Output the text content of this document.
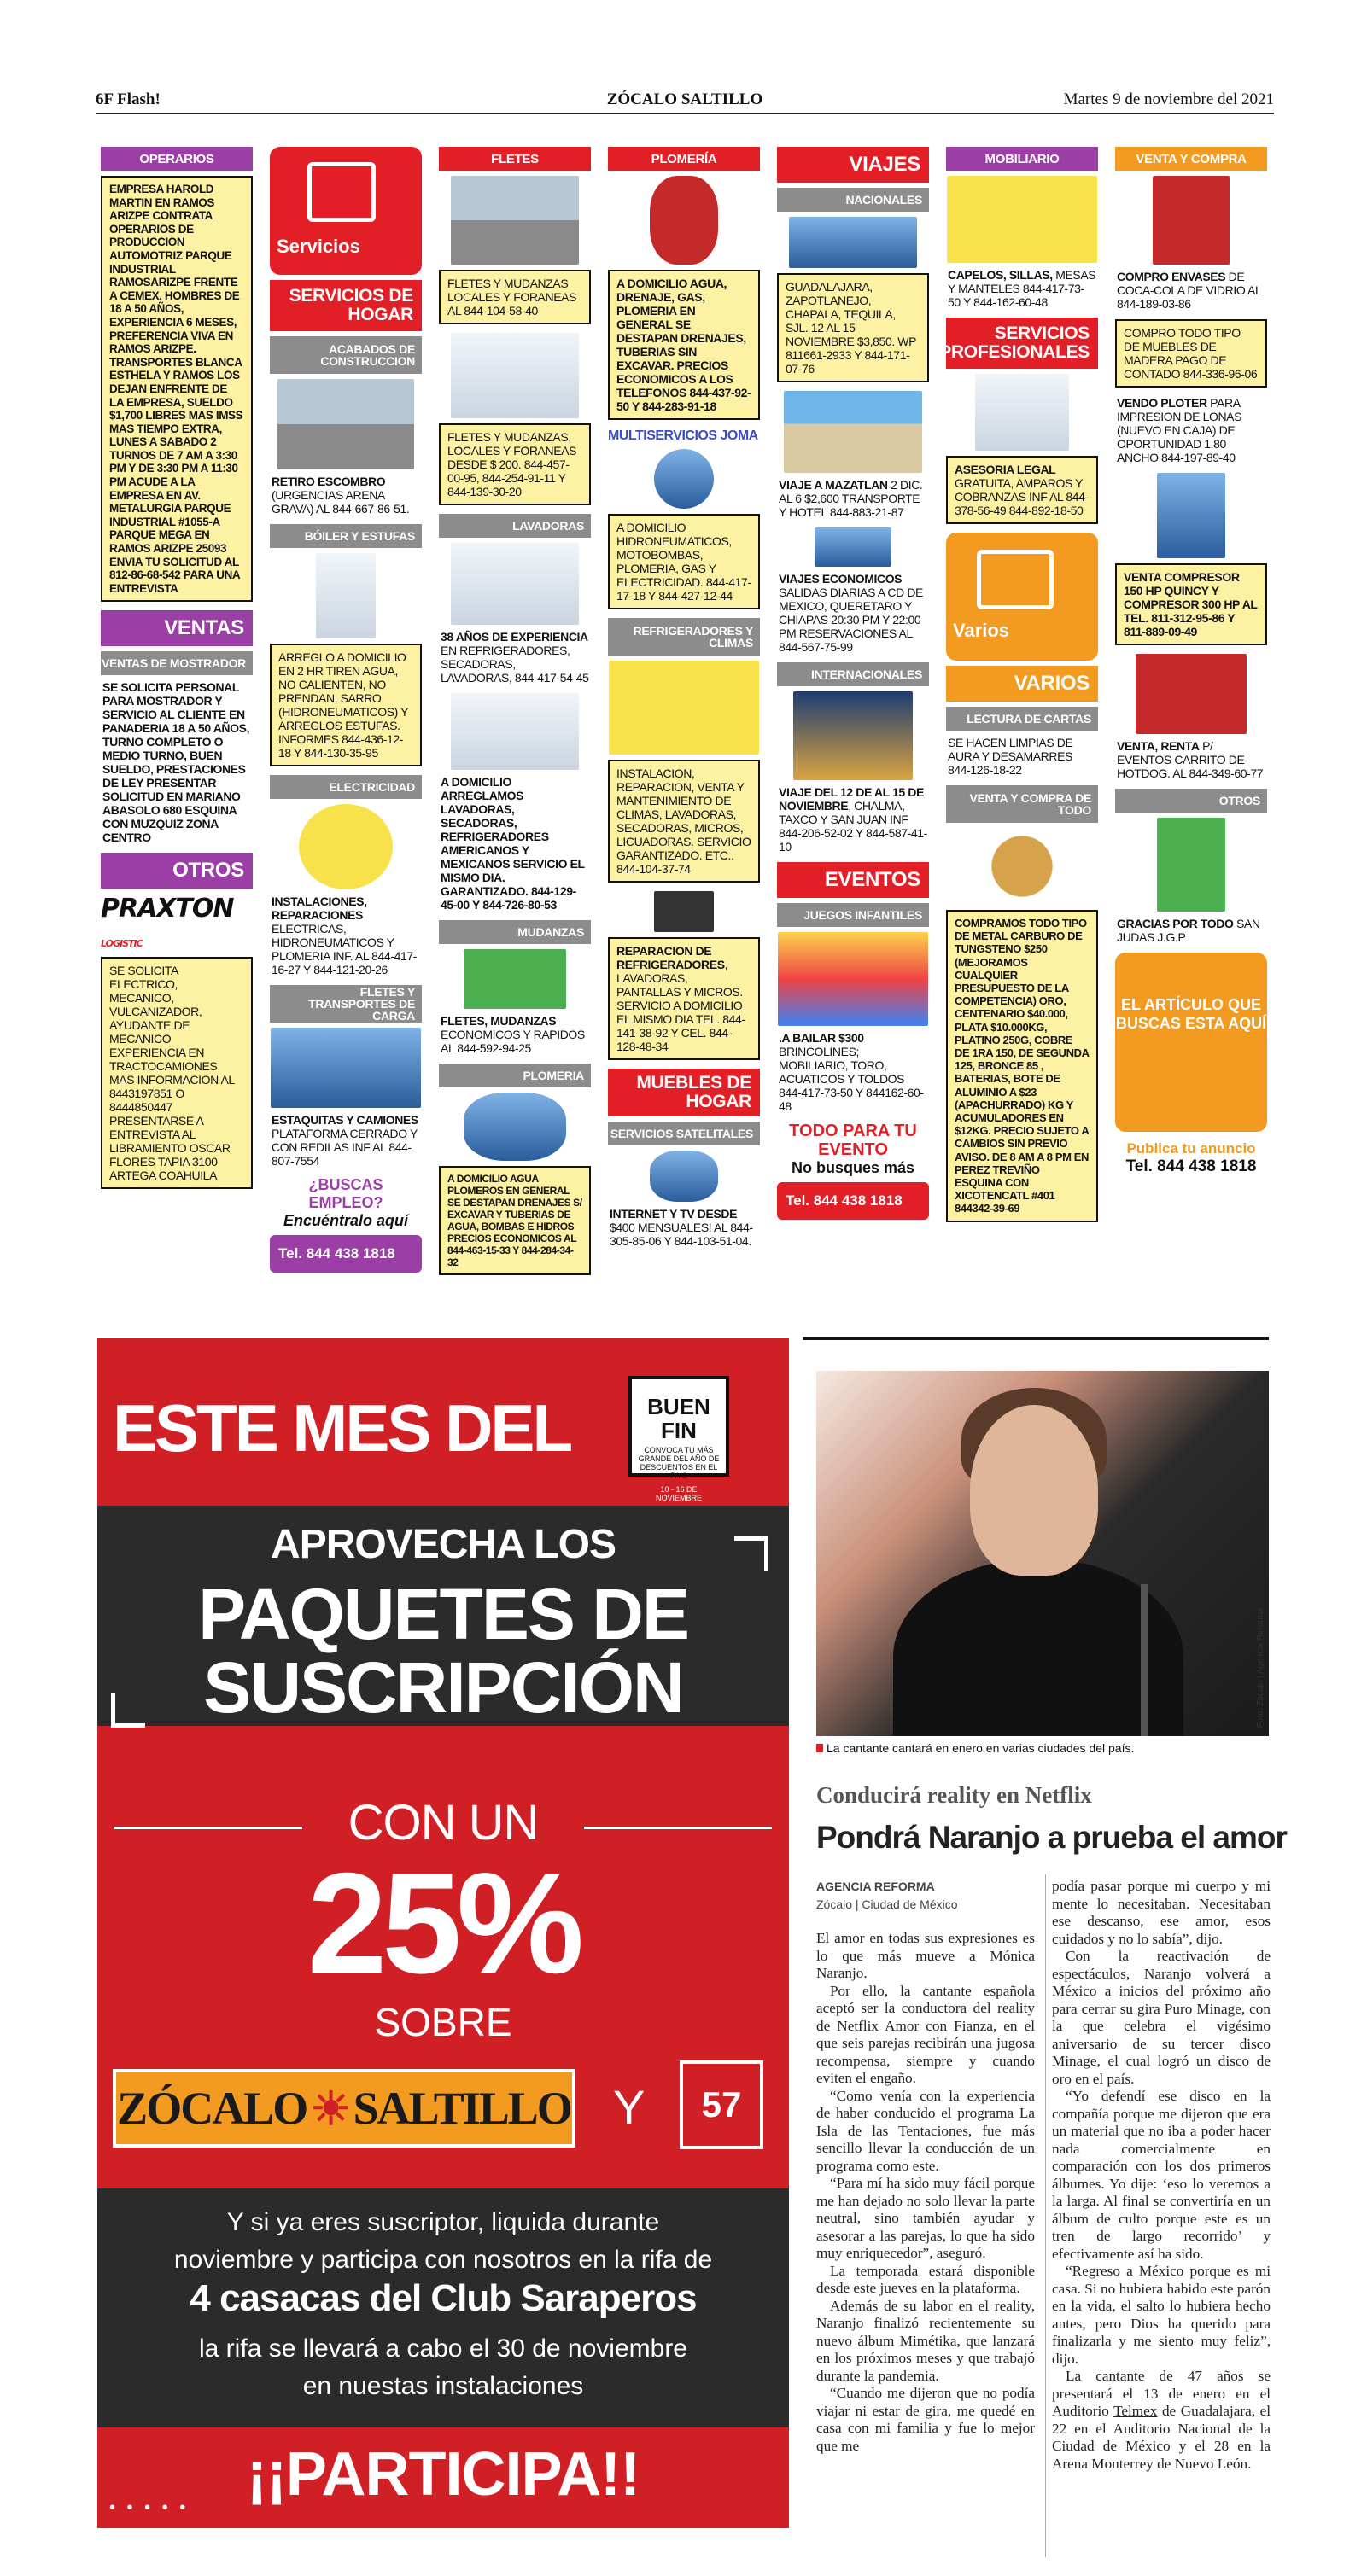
6F Flash!	ZÓCALO SALTILLO	Martes 9 de noviembre del 2021
OPERARIOS
EMPRESA HAROLD MARTIN EN RAMOS ARIZPE CONTRATA OPERARIOS DE PRODUCCION AUTOMOTRIZ PARQUE INDUSTRIAL RAMOSARIZPE FRENTE A CEMEX. HOMBRES DE 18 A 50 AÑOS, EXPERIENCIA 6 MESES, PREFERENCIA VIVA EN RAMOS ARIZPE. TRANSPORTES BLANCA ESTHELA Y RAMOS LOS DEJAN ENFRENTE DE LA EMPRESA, SUELDO $1,700 LIBRES MAS IMSS MAS TIEMPO EXTRA, LUNES A SABADO 2 TURNOS DE 7 AM A 3:30 PM Y DE 3:30 PM A 11:30 PM ACUDE A LA EMPRESA EN AV. METALURGIA PARQUE INDUSTRIAL #1055-A PARQUE MEGA EN RAMOS ARIZPE 25093 ENVIA TU SOLICITUD AL 812-86-68-542 PARA UNA ENTREVISTA
VENTAS
VENTAS DE MOSTRADOR
SE SOLICITA PERSONAL PARA MOSTRADOR Y SERVICIO AL CLIENTE EN PANADERIA 18 A 50 AÑOS, TURNO COMPLETO O MEDIO TURNO, BUEN SUELDO, PRESTACIONES DE LEY PRESENTAR SOLICITUD EN MARIANO ABASOLO 680 ESQUINA CON MUZQUIZ ZONA CENTRO
OTROS
PRAXTON LOGISTIC
SE SOLICITA ELECTRICO, MECANICO, VULCANIZADOR, AYUDANTE DE MECANICO EXPERIENCIA EN TRACTOCAMIONES MAS INFORMACION AL 8443197851 O 8444850447 PRESENTARSE A ENTREVISTA AL LIBRAMIENTO OSCAR FLORES TAPIA 3100 ARTEGA COAHUILA
Servicios
SERVICIOS DE HOGAR
ACABADOS DE CONSTRUCCION
RETIRO ESCOMBRO (URGENCIAS ARENA GRAVA) AL 844-667-86-51.
BÓILER Y ESTUFAS
ARREGLO A DOMICILIO EN 2 HR TIREN AGUA, NO CALIENTEN, NO PRENDAN, SARRO (HIDRONEUMATICOS) Y ARREGLOS ESTUFAS. INFORMES 844-436-12-18 Y 844-130-35-95
ELECTRICIDAD
INSTALACIONES, REPARACIONES ELECTRICAS, HIDRONEUMATICOS Y PLOMERIA INF. AL 844-417-16-27 Y 844-121-20-26
FLETES Y TRANSPORTES DE CARGA
ESTAQUITAS Y CAMIONES PLATAFORMA CERRADO Y CON REDILAS INF AL 844-807-7554
¿BUSCAS EMPLEO?
Encuéntralo aquí
Tel. 844 438 1818
FLETES
FLETES Y MUDANZAS LOCALES Y FORANEAS AL 844-104-58-40
FLETES Y MUDANZAS, LOCALES Y FORANEAS DESDE $ 200. 844-457-00-95, 844-254-91-11 Y 844-139-30-20
LAVADORAS
38 AÑOS DE EXPERIENCIA EN REFRIGERADORES, SECADORAS, LAVADORAS, 844-417-54-45
A DOMICILIO ARREGLAMOS LAVADORAS, SECADORAS, REFRIGERADORES AMERICANOS Y MEXICANOS SERVICIO EL MISMO DIA. GARANTIZADO. 844-129-45-00 Y 844-726-80-53
MUDANZAS
FLETES, MUDANZAS ECONOMICOS Y RAPIDOS AL 844-592-94-25
PLOMERIA
A DOMICILIO AGUA PLOMEROS EN GENERAL SE DESTAPAN DRENAJES S/ EXCAVAR Y TUBERIAS DE AGUA, BOMBAS E HIDROS PRECIOS ECONOMICOS AL 844-463-15-33 Y 844-284-34-32
PLOMERÍA
A DOMICILIO AGUA, DRENAJE, GAS, PLOMERIA EN GENERAL SE DESTAPAN DRENAJES, TUBERIAS SIN EXCAVAR. PRECIOS ECONOMICOS A LOS TELEFONOS 844-437-92-50 Y 844-283-91-18
MULTISERVICIOS JOMA
A DOMICILIO HIDRONEUMATICOS, MOTOBOMBAS, PLOMERIA, GAS Y ELECTRICIDAD. 844-417-17-18 Y 844-427-12-44
REFRIGERADORES Y CLIMAS
INSTALACION, REPARACION, VENTA Y MANTENIMIENTO DE CLIMAS, LAVADORAS, SECADORAS, MICROS, LICUADORAS. SERVICIO GARANTIZADO. ETC.. 844-104-37-74
REPARACION DE REFRIGERADORES, LAVADORAS, PANTALLAS Y MICROS. SERVICIO A DOMICILIO EL MISMO DIA TEL. 844-141-38-92 Y CEL. 844-128-48-34
MUEBLES DE HOGAR
SERVICIOS SATELITALES
INTERNET Y TV DESDE $400 MENSUALES! AL 844-305-85-06 Y 844-103-51-04.
VIAJES
NACIONALES
GUADALAJARA, ZAPOTLANEJO, CHAPALA, TEQUILA, SJL. 12 AL 15 NOVIEMBRE $3,850. WP 811661-2933 Y 844-171-07-76
VIAJE A MAZATLAN 2 DIC. AL 6 $2,600 TRANSPORTE Y HOTEL 844-883-21-87
VIAJES ECONOMICOS SALIDAS DIARIAS A CD DE MEXICO, QUERETARO Y CHIAPAS 20:30 PM Y 22:00 PM RESERVACIONES AL 844-567-75-99
INTERNACIONALES
VIAJE DEL 12 DE AL 15 DE NOVIEMBRE, CHALMA, TAXCO Y SAN JUAN INF 844-206-52-02 Y 844-587-41-10
EVENTOS
JUEGOS INFANTILES
.A BAILAR $300 BRINCOLINES; MOBILIARIO, TORO, ACUATICOS Y TOLDOS 844-417-73-50 Y 844162-60-48
TODO PARA TU EVENTO
No busques más
Tel. 844 438 1818
MOBILIARIO
CAPELOS, SILLAS, MESAS Y MANTELES 844-417-73-50 Y 844-162-60-48
SERVICIOS PROFESIONALES
ASESORIA LEGAL GRATUITA, AMPAROS Y COBRANZAS INF AL 844-378-56-49 844-892-18-50
Varios
VARIOS
LECTURA DE CARTAS
SE HACEN LIMPIAS DE AURA Y DESAMARRES 844-126-18-22
VENTA Y COMPRA DE TODO
COMPRAMOS TODO TIPO DE METAL CARBURO DE TUNGSTENO $250 (MEJORAMOS CUALQUIER PRESUPUESTO DE LA COMPETENCIA) ORO, CENTENARIO $40.000, PLATA $10.000KG, PLATINO 250G, COBRE DE 1RA 150, DE SEGUNDA 125, BRONCE 85 , BATERIAS, BOTE DE ALUMINIO A $23 (APACHURRADO) KG Y ACUMULADORES EN $12KG. PRECIO SUJETO A CAMBIOS SIN PREVIO AVISO. DE 8 AM A 8 PM EN PEREZ TREVIÑO ESQUINA CON XICOTENCATL #401 844342-39-69
VENTA Y COMPRA
COMPRO ENVASES DE COCA-COLA DE VIDRIO AL 844-189-03-86
COMPRO TODO TIPO DE MUEBLES DE MADERA PAGO DE CONTADO 844-336-96-06
VENDO PLOTER PARA IMPRESION DE LONAS (NUEVO EN CAJA) DE OPORTUNIDAD 1.80 ANCHO 844-197-89-40
VENTA COMPRESOR 150 HP QUINCY Y COMPRESOR 300 HP AL TEL. 811-312-95-86 Y 811-889-09-49
VENTA, RENTA P/ EVENTOS CARRITO DE HOTDOG. AL 844-349-60-77
OTROS
GRACIAS POR TODO SAN JUDAS J.G.P
EL ARTÍCULO QUE BUSCAS ESTA AQUÍ
Publica tu anuncio
Tel. 844 438 1818
ESTE MES DEL	BUEN FIN
CONVOCA TU MÁS GRANDE DEL AÑO DE DESCUENTOS EN EL PAÍS
10 - 16 DE NOVIEMBRE
APROVECHA LOS
PAQUETES DE
SUSCRIPCIÓN
CON UN
25%
SOBRE
ZÓCALO ☀ SALTILLO Y	57
Y si ya eres suscriptor, liquida durante
noviembre y participa con nosotros en la rifa de
4 casacas del Club Saraperos
la rifa se llevará a cabo el 30 de noviembre
en nuestas instalaciones
¡¡PARTICIPA!!
• • • • •
Foto: Zócalo | Agencia Reforma
La cantante cantará en enero en varias ciudades del país.
Conducirá reality en Netflix
Pondrá Naranjo a prueba el amor
AGENCIA REFORMA
Zócalo | Ciudad de México

El amor en todas sus expresiones es lo que más mueve a Mónica Naranjo.

Por ello, la cantante española aceptó ser la conductora del reality de Netflix Amor con Fianza, en el que seis parejas recibirán una jugosa recompensa, siempre y cuando eviten el engaño.

“Como venía con la experiencia de haber conducido el programa La Isla de las Tentaciones, fue más sencillo llevar la conducción de un programa como este.

“Para mí ha sido muy fácil porque me han dejado no solo llevar la parte neutral, sino también ayudar y asesorar a las parejas, lo que ha sido muy enriquecedor”, aseguró.

La temporada estará disponible desde este jueves en la plataforma.

Además de su labor en el reality, Naranjo finalizó recientemente su nuevo álbum Mimétika, que lanzará en los próximos meses y que trabajó durante la pandemia.

“Cuando me dijeron que no podía viajar ni estar de gira, me quedé en casa con mi familia y fue lo mejor que me

podía pasar porque mi cuerpo y mi mente lo necesitaban. Necesitaban ese descanso, ese amor, esos cuidados y no lo sabía”, dijo.

Con la reactivación de espectáculos, Naranjo volverá a México a inicios del próximo año para cerrar su gira Puro Minage, con la que celebra el vigésimo aniversario de su tercer disco Minage, el cual logró un disco de oro en el país.

“Yo defendí ese disco en la compañía porque me dijeron que era un material que no iba a poder hacer nada comercialmente en comparación con los dos primeros álbumes. Yo dije: ‘eso lo veremos a la larga. Al final se convertiría en un álbum de culto porque este es un tren de largo recorrido’ y efectivamente así ha sido.

“Regreso a México porque es mi casa. Si no hubiera habido este parón en la vida, el salto lo hubiera hecho antes, pero Dios ha querido para finalizarla y me siento muy feliz”, dijo.

La cantante de 47 años se presentará el 13 de enero en el Auditorio Telmex de Guadalajara, el 22 en el Auditorio Nacional de la Ciudad de México y el 28 en la Arena Monterrey de Nuevo León.
